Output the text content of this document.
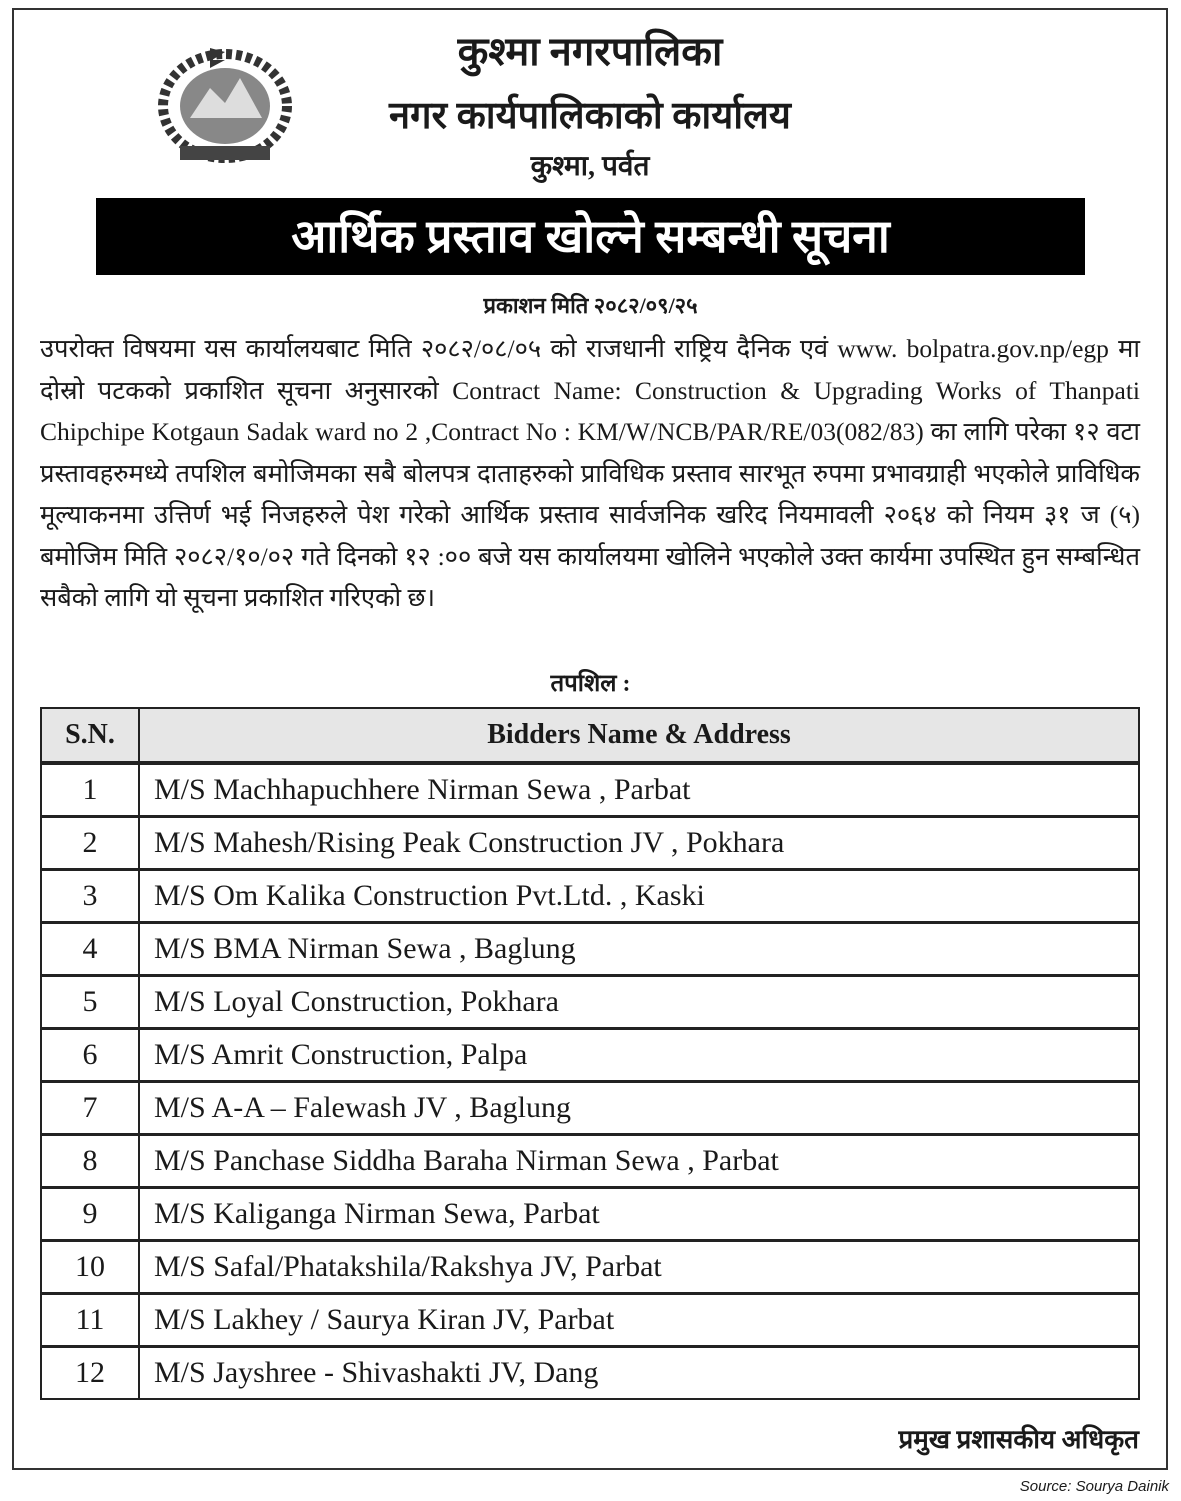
कुश्मा नगरपालिका
नगर कार्यपालिकाको कार्यालय
कुश्मा, पर्वत
आर्थिक प्रस्ताव खोल्ने सम्बन्धी सूचना
प्रकाशन मिति २०८२/०९/२५
उपरोक्त विषयमा यस कार्यालयबाट मिति २०८२/०८/०५ को राजधानी राष्ट्रिय दैनिक एवं www. bolpatra.gov.np/egp मा दोस्रो पटकको प्रकाशित सूचना अनुसारको Contract Name: Construction & Upgrading Works of Thanpati Chipchipe Kotgaun Sadak ward no 2 ,Contract No : KM/W/NCB/PAR/RE/03(082/83) का लागि परेका १२ वटा प्रस्तावहरुमध्ये तपशिल बमोजिमका सबै बोलपत्र दाताहरुको प्राविधिक प्रस्ताव सारभूत रुपमा प्रभावग्राही भएकोले प्राविधिक मूल्याकनमा उत्तिर्ण भई निजहरुले पेश गरेको आर्थिक प्रस्ताव सार्वजनिक खरिद नियमावली २०६४ को नियम ३१ ज (५) बमोजिम मिति २०८२/१०/०२ गते दिनको १२ :०० बजे यस कार्यालयमा खोलिने भएकोले उक्त कार्यमा उपस्थित हुन सम्बन्धित सबैको लागि यो सूचना प्रकाशित गरिएको छ।
तपशिल :
S.N.	Bidders Name & Address
1	M/S Machhapuchhere Nirman Sewa , Parbat
2	M/S Mahesh/Rising Peak Construction JV , Pokhara
3	M/S Om Kalika Construction Pvt.Ltd. , Kaski
4	M/S BMA Nirman Sewa , Baglung
5	M/S Loyal Construction, Pokhara
6	M/S Amrit Construction, Palpa
7	M/S A-A – Falewash JV , Baglung
8	M/S Panchase Siddha Baraha Nirman Sewa , Parbat
9	M/S Kaliganga Nirman Sewa, Parbat
10	M/S Safal/Phatakshila/Rakshya JV, Parbat
11	M/S Lakhey / Saurya Kiran JV, Parbat
12	M/S Jayshree - Shivashakti JV, Dang
प्रमुख प्रशासकीय अधिकृत
Source: Sourya Dainik
